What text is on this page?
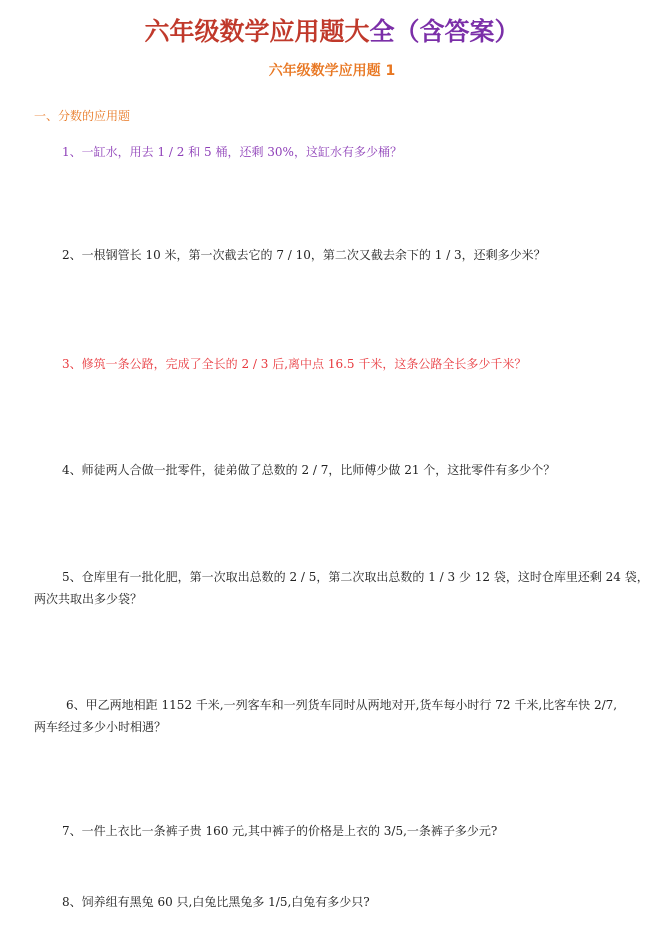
六年级数学应用题大全（含答案）
六年级数学应用题 1
一、分数的应用题
1、一缸水，用去 1 / 2 和 5 桶，还剩 30%，这缸水有多少桶？
2、一根钢管长 10 米，第一次截去它的 7 / 10，第二次又截去余下的 1 / 3，还剩多少米？
3、修筑一条公路，完成了全长的 2 / 3 后,离中点 16.5 千米，这条公路全长多少千米？
4、师徒两人合做一批零件，徒弟做了总数的 2 / 7，比师傅少做 21 个，这批零件有多少个？
5、仓库里有一批化肥，第一次取出总数的 2 / 5，第二次取出总数的 1 / 3 少 12 袋，这时仓库里还剩 24 袋，
两次共取出多少袋？
6、甲乙两地相距 1152 千米,一列客车和一列货车同时从两地对开,货车每小时行 72 千米,比客车快 2/7,
两车经过多少小时相遇？
7、一件上衣比一条裤子贵 160 元,其中裤子的价格是上衣的 3/5,一条裤子多少元?
8、饲养组有黑兔 60 只,白兔比黑兔多 1/5,白兔有多少只?
